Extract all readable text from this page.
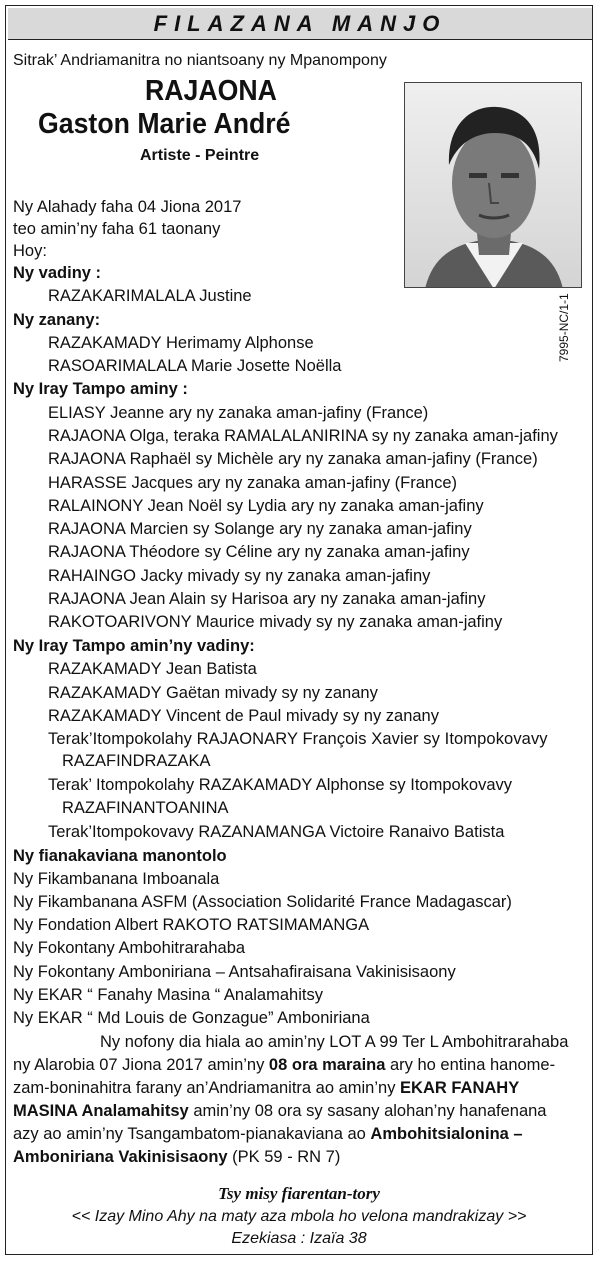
FILAZANA MANJO
Sitrak’ Andriamanitra no niantsoany ny Mpanompony
RAJAONA
Gaston Marie André
Artiste - Peintre
7995-NC/1-1
Ny Alahady faha 04 Jiona 2017
teo amin’ny faha 61 taonany
Hoy:
Ny vadiny :
RAZAKARIMALALA Justine
Ny zanany:
RAZAKAMADY Herimamy Alphonse
RASOARIMALALA Marie Josette Noëlla
Ny Iray Tampo aminy :
ELIASY Jeanne ary ny zanaka aman-jafiny (France)
RAJAONA Olga, teraka RAMALALANIRINA sy ny zanaka aman-jafiny
RAJAONA Raphaël sy Michèle ary ny zanaka aman-jafiny (France)
HARASSE Jacques ary ny zanaka aman-jafiny (France)
RALAINONY Jean Noël sy Lydia ary ny zanaka aman-jafiny
RAJAONA Marcien sy Solange ary ny zanaka aman-jafiny
RAJAONA Théodore sy Céline ary ny zanaka aman-jafiny
RAHAINGO Jacky mivady sy ny zanaka aman-jafiny
RAJAONA Jean Alain sy Harisoa ary ny zanaka aman-jafiny
RAKOTOARIVONY Maurice mivady sy ny zanaka aman-jafiny
Ny Iray Tampo amin’ny vadiny:
RAZAKAMADY Jean Batista
RAZAKAMADY Gaëtan mivady sy ny zanany
RAZAKAMADY Vincent de Paul mivady sy ny zanany
Terak’Itompokolahy RAJAONARY François Xavier sy Itompokovavy
RAZAFINDRAZAKA
Terak’ Itompokolahy RAZAKAMADY Alphonse sy Itompokovavy
RAZAFINANTOANINA
Terak’Itompokovavy RAZANAMANGA Victoire Ranaivo Batista
Ny fianakaviana manontolo
Ny Fikambanana Imboanala
Ny Fikambanana ASFM (Association Solidarité France Madagascar)
Ny Fondation Albert RAKOTO RATSIMAMANGA
Ny Fokontany Ambohitrarahaba
Ny Fokontany Amboniriana – Antsahafiraisana Vakinisisaony
Ny EKAR “ Fanahy Masina “ Analamahitsy
Ny EKAR “ Md Louis de Gonzague” Amboniriana
Ny nofony dia hiala ao amin’ny LOT A 99 Ter L Ambohitrarahaba
ny Alarobia 07 Jiona 2017 amin’ny 08 ora maraina ary ho entina hanome-
zam-boninahitra farany an’Andriamanitra ao amin’ny EKAR FANAHY
MASINA Analamahitsy amin’ny 08 ora sy sasany alohan’ny hanafenana
azy ao amin’ny Tsangambatom-pianakaviana ao Ambohitsialonina –
Amboniriana Vakinisisaony (PK 59 - RN 7)
Tsy misy fiarentan-tory
<< Izay Mino Ahy na maty aza mbola ho velona mandrakizay >>
Ezekiasa : Izaïa 38
